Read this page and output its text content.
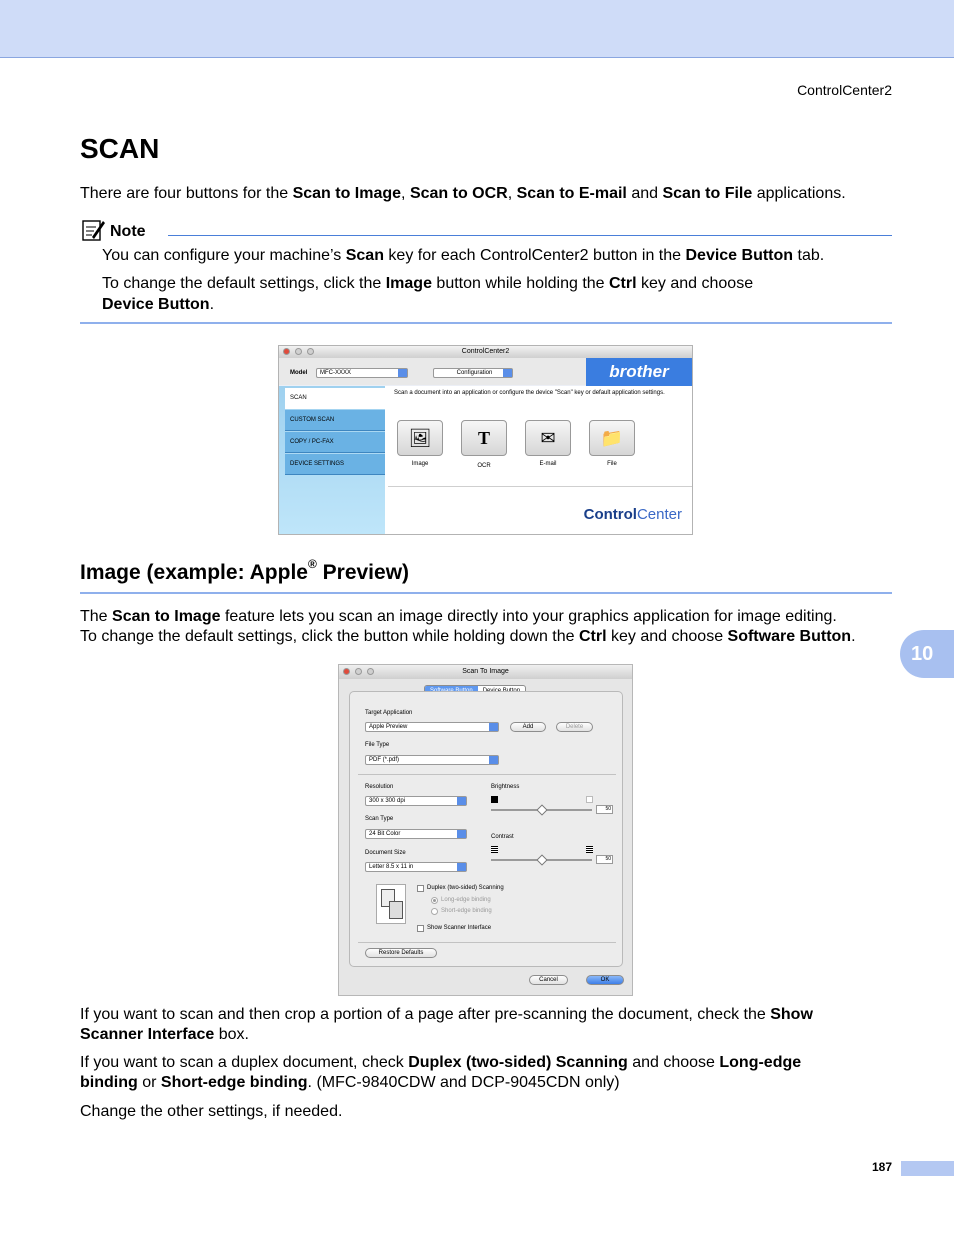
ControlCenter2
SCAN

There are four buttons for the Scan to Image, Scan to OCR, Scan to E-mail and Scan to File applications.

Note

You can configure your machine’s Scan key for each ControlCenter2 button in the Device Button tab.

To change the default settings, click the Image button while holding the Ctrl key and choose
Device Button.

ControlCenter2
Model	MFC-XXXX	Configuration	brother
SCAN
CUSTOM SCAN
COPY / PC-FAX
DEVICE SETTINGS
Scan a document into an application or configure the device "Scan" key or default application settings.
🖼
Image
T
OCR
✉
E-mail
📁
File
ControlCenter
Image (example: Apple® Preview)
10

The Scan to Image feature lets you scan an image directly into your graphics application for image editing.
To change the default settings, click the button while holding down the Ctrl key and choose Software Button.

Scan To Image
Target Application
Apple Preview	Add	Delete
File Type
PDF (*.pdf)
Resolution
300 x 300 dpi
Scan Type
24 Bit Color
Document Size
Letter 8.5 x 11 in
Brightness
50
Contrast
50
Duplex (two-sided) Scanning
Long-edge binding
Short-edge binding
Show Scanner Interface
Restore Defaults
Cancel	OK

If you want to scan and then crop a portion of a page after pre-scanning the document, check the Show
Scanner Interface box.

If you want to scan a duplex document, check Duplex (two-sided) Scanning and choose Long-edge
binding or Short-edge binding. (MFC-9840CDW and DCP-9045CDN only)

Change the other settings, if needed.

187
